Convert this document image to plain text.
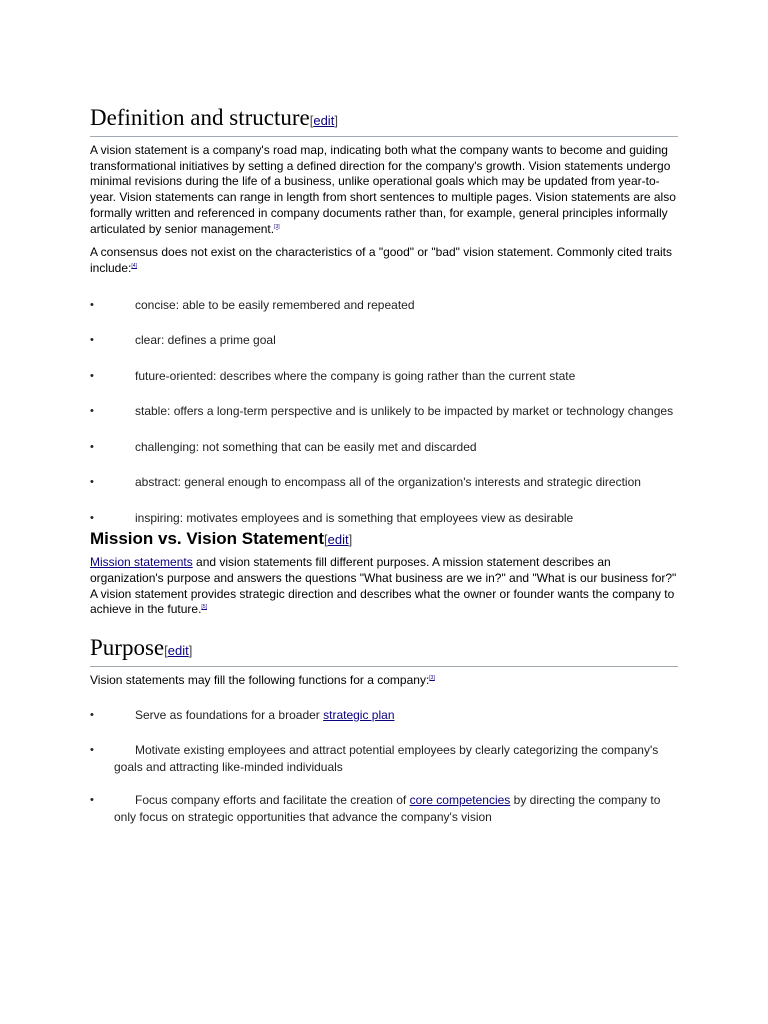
Definition and structure[edit]

A vision statement is a company's road map, indicating both what the company wants to become and guiding transformational initiatives by setting a defined direction for the company's growth. Vision statements undergo minimal revisions during the life of a business, unlike operational goals which may be updated from year-to-year. Vision statements can range in length from short sentences to multiple pages. Vision statements are also formally written and referenced in company documents rather than, for example, general principles informally articulated by senior management.[3]

A consensus does not exist on the characteristics of a "good" or "bad" vision statement. Commonly cited traits include:[4]

•	concise: able to be easily remembered and repeated
•	clear: defines a prime goal
•	future-oriented: describes where the company is going rather than the current state
•	stable: offers a long-term perspective and is unlikely to be impacted by market or technology changes
•	challenging: not something that can be easily met and discarded
•	abstract: general enough to encompass all of the organization's interests and strategic direction
•	inspiring: motivates employees and is something that employees view as desirable
Mission vs. Vision Statement[edit]

Mission statements and vision statements fill different purposes. A mission statement describes an organization's purpose and answers the questions "What business are we in?" and "What is our business for?" A vision statement provides strategic direction and describes what the owner or founder wants the company to achieve in the future.[5]

Purpose[edit]

Vision statements may fill the following functions for a company:[3]

•	Serve as foundations for a broader strategic plan
•	Motivate existing employees and attract potential employees by clearly categorizing the company's goals and attracting like-minded individuals
•	Focus company efforts and facilitate the creation of core competencies by directing the company to only focus on strategic opportunities that advance the company's vision
